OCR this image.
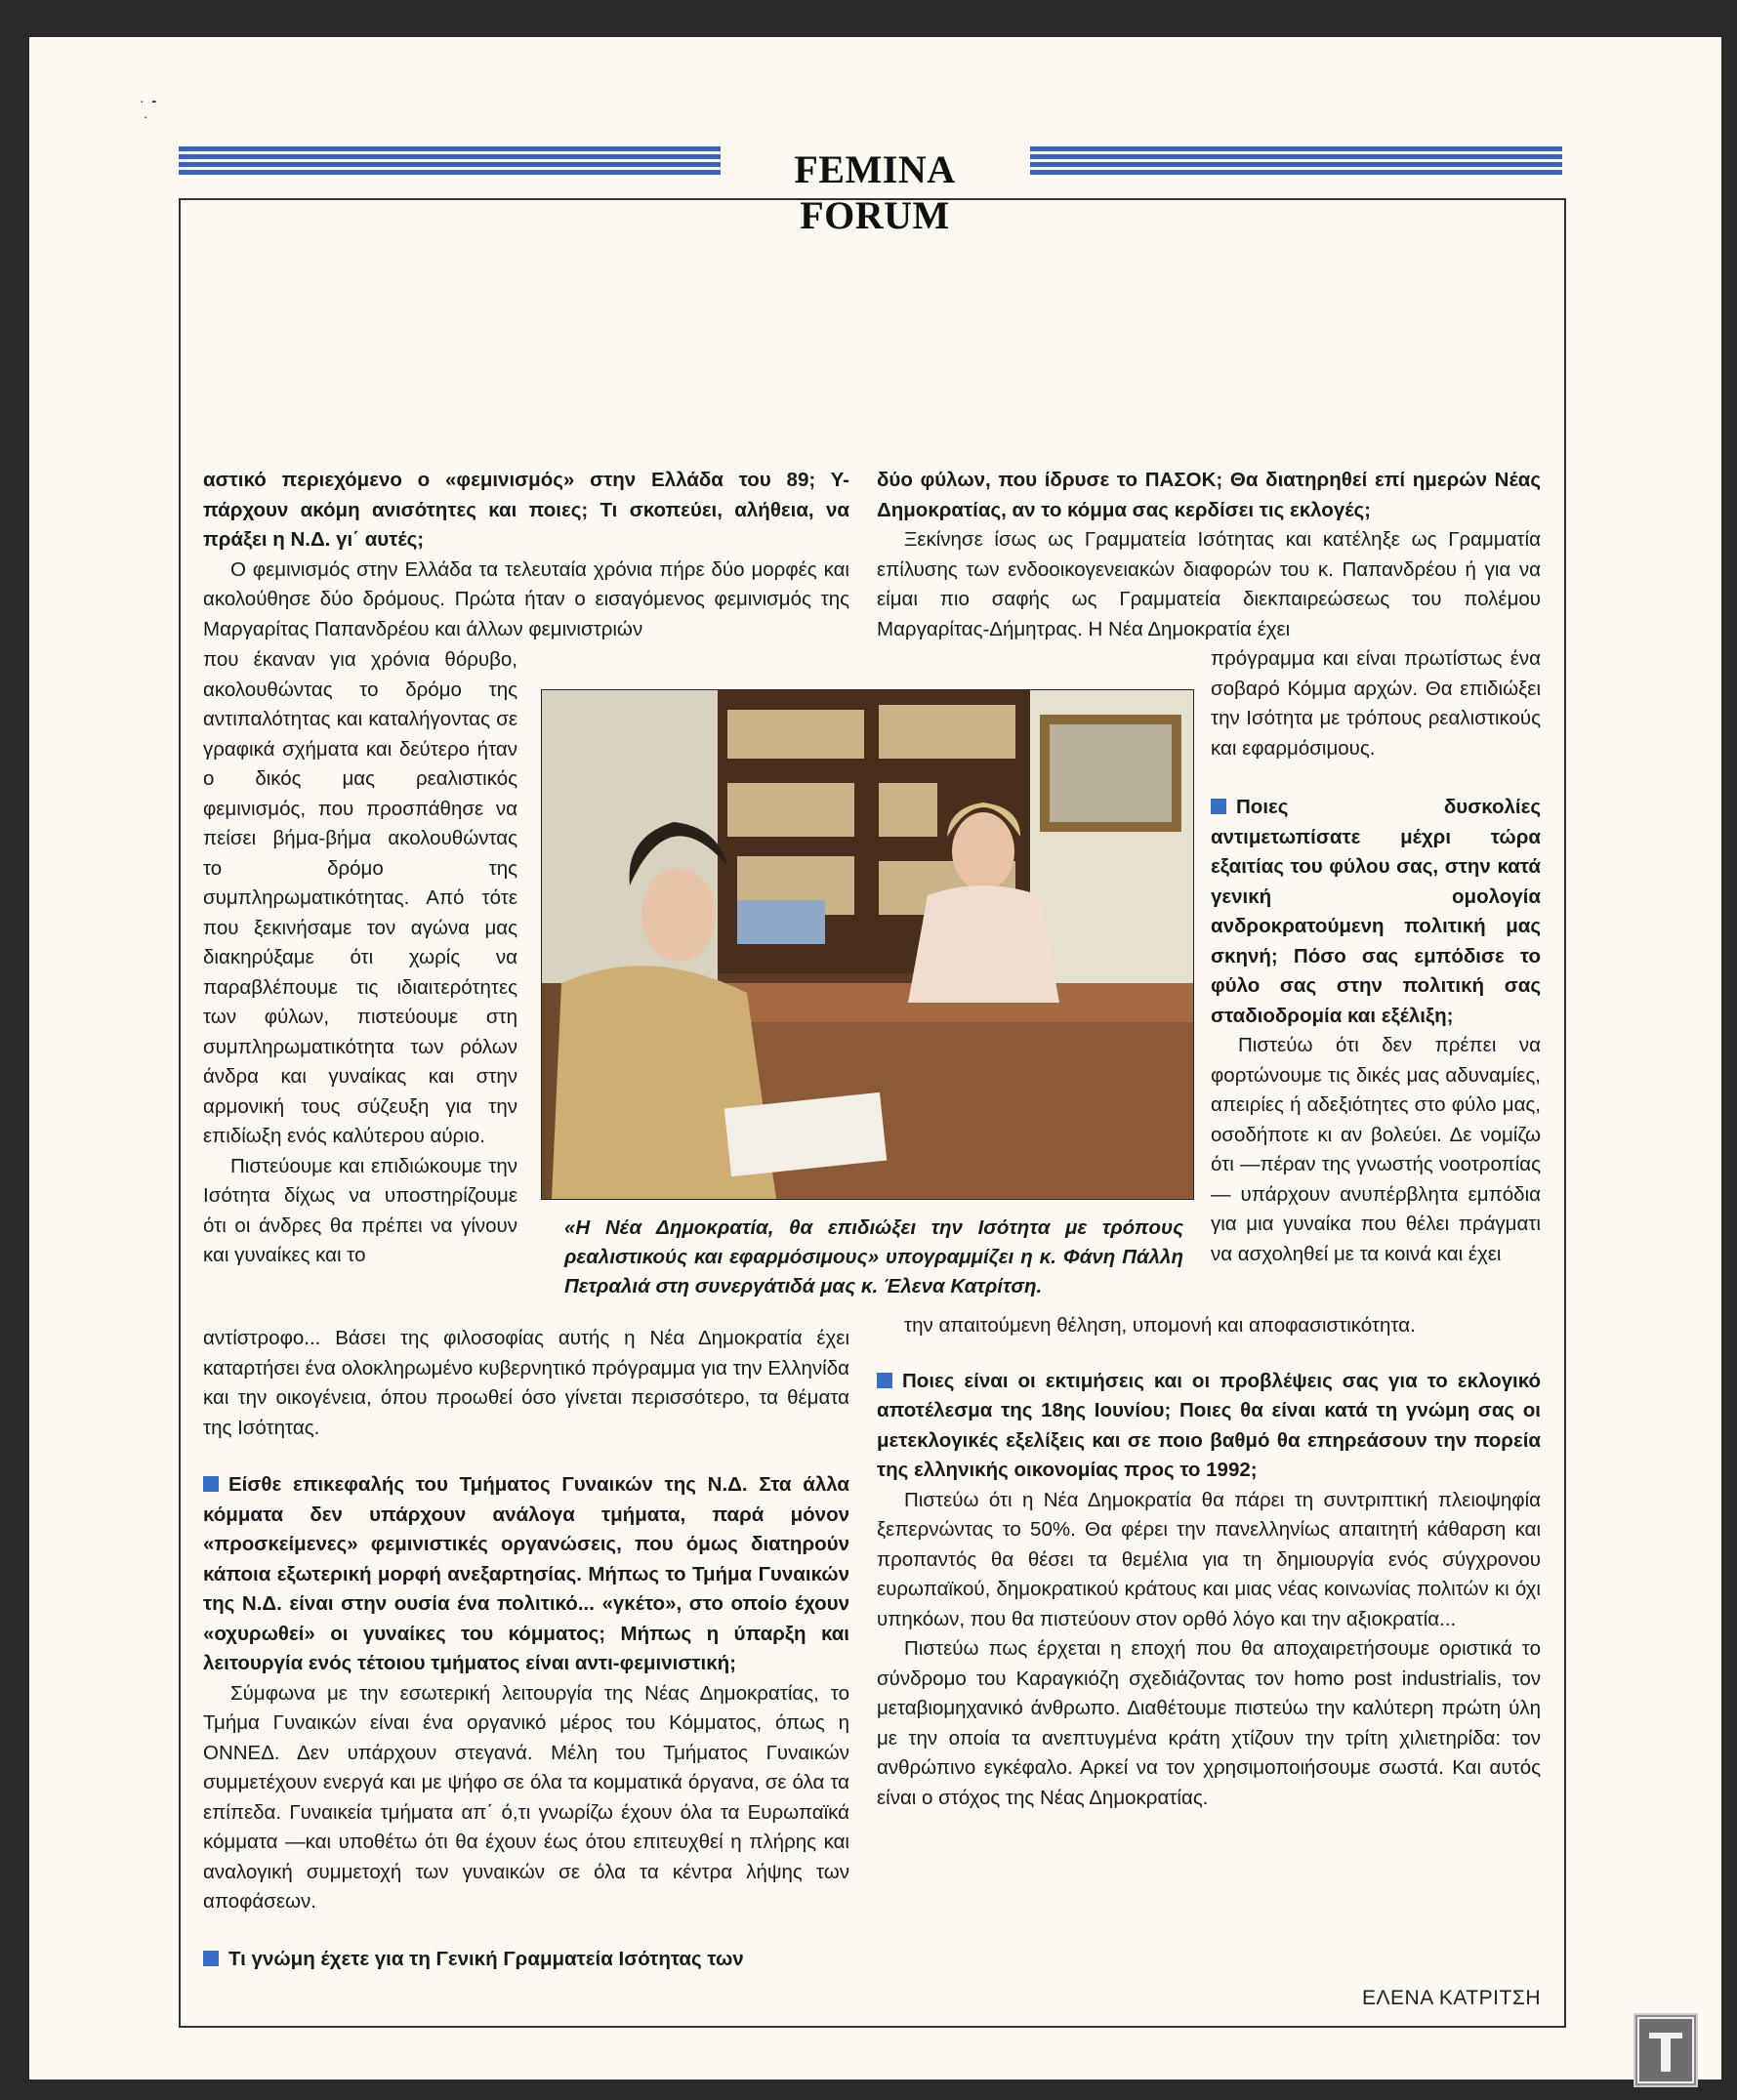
·  -
·
FEMINA FORUM

αστικό περιεχόμενο ο «φεμινισμός» στην Ελλάδα του 89; Υ-πάρχουν ακόμη ανισότητες και ποιες; Τι σκοπεύει, αλήθεια, να πράξει η Ν.Δ. γι΄ αυτές;

Ο φεμινισμός στην Ελλάδα τα τελευταία χρόνια πήρε δύο μορφές και ακολούθησε δύο δρόμους. Πρώτα ήταν ο εισαγόμενος φεμινισμός της Μαργαρίτας Παπανδρέου και άλλων φεμινιστριών

που έκαναν για χρόνια θόρυβο, ακολουθώντας το δρόμο της αντιπαλότητας και καταλήγοντας σε γραφικά σχήματα και δεύτερο ήταν ο δικός μας ρεαλιστικός φεμινισμός, που προσπάθησε να πείσει βήμα-βήμα ακολουθώντας το δρόμο της συμπληρωματικότητας. Από τότε που ξεκινήσαμε τον αγώνα μας διακηρύξαμε ότι χωρίς να παραβλέπουμε τις ιδιαιτερότητες των φύλων, πιστεύουμε στη συμπληρωματικότητα των ρόλων άνδρα και γυναίκας και στην αρμονική τους σύζευξη για την επιδίωξη ενός καλύτερου αύριο.

Πιστεύουμε και επιδιώκουμε την Ισότητα δίχως να υποστηρίζουμε ότι οι άνδρες θα πρέπει να γίνουν και γυναίκες και το

αντίστροφο... Βάσει της φιλοσοφίας αυτής η Νέα Δημοκρατία έχει καταρτήσει ένα ολοκληρωμένο κυβερνητικό πρόγραμμα για την Ελληνίδα και την οικογένεια, όπου προωθεί όσο γίνεται περισσότερο, τα θέματα της Ισότητας.

Είσθε επικεφαλής του Τμήματος Γυναικών της Ν.Δ. Στα άλλα κόμματα δεν υπάρχουν ανάλογα τμήματα, παρά μόνον «προσκείμενες» φεμινιστικές οργανώσεις, που όμως διατηρούν κάποια εξωτερική μορφή ανεξαρτησίας. Μήπως το Τμήμα Γυναικών της Ν.Δ. είναι στην ουσία ένα πολιτικό... «γκέτο», στο οποίο έχουν «οχυρωθεί» οι γυναίκες του κόμματος; Μήπως η ύπαρξη και λειτουργία ενός τέτοιου τμήματος είναι αντι-φεμινιστική;

Σύμφωνα με την εσωτερική λειτουργία της Νέας Δημοκρατίας, το Τμήμα Γυναικών είναι ένα οργανικό μέρος του Κόμματος, όπως η ΟΝΝΕΔ. Δεν υπάρχουν στεγανά. Μέλη του Τμήματος Γυναικών συμμετέχουν ενεργά και με ψήφο σε όλα τα κομματικά όργανα, σε όλα τα επίπεδα. Γυναικεία τμήματα απ΄ ό,τι γνωρίζω έχουν όλα τα Ευρωπαϊκά κόμματα —και υποθέτω ότι θα έχουν έως ότου επιτευχθεί η πλήρης και αναλογική συμμετοχή των γυναικών σε όλα τα κέντρα λήψης των αποφάσεων.

Τι γνώμη έχετε για τη Γενική Γραμματεία Ισότητας των

δύο φύλων, που ίδρυσε το ΠΑΣΟΚ; Θα διατηρηθεί επί ημερών Νέας Δημοκρατίας, αν το κόμμα σας κερδίσει τις εκλογές;

Ξεκίνησε ίσως ως Γραμματεία Ισότητας και κατέληξε ως Γραμματία επίλυσης των ενδοοικογενειακών διαφορών του κ. Παπανδρέου ή για να είμαι πιο σαφής ως Γραμματεία διεκπαιρεώσεως του πολέμου Μαργαρίτας-Δήμητρας. Η Νέα Δημοκρατία έχει

πρόγραμμα και είναι πρωτίστως ένα σοβαρό Κόμμα αρχών. Θα επιδιώξει την Ισότητα με τρόπους ρεαλιστικούς και εφαρμόσιμους.

Ποιες δυσκολίες αντιμετωπίσατε μέχρι τώρα εξαιτίας του φύλου σας, στην κατά γενική ομολογία ανδροκρατούμενη πολιτική μας σκηνή; Πόσο σας εμπόδισε το φύλο σας στην πολιτική σας σταδιοδρομία και εξέλιξη;

Πιστεύω ότι δεν πρέπει να φορτώνουμε τις δικές μας αδυναμίες, απειρίες ή αδεξιότητες στο φύλο μας, οσοδήποτε κι αν βολεύει. Δε νομίζω ότι —πέραν της γνωστής νοοτροπίας— υπάρχουν ανυπέρβλητα εμπόδια για μια γυναίκα που θέλει πράγματι να ασχοληθεί με τα κοινά και έχει

την απαιτούμενη θέληση, υπομονή και αποφασιστικότητα.

Ποιες είναι οι εκτιμήσεις και οι προβλέψεις σας για το εκλογικό αποτέλεσμα της 18ης Ιουνίου; Ποιες θα είναι κατά τη γνώμη σας οι μετεκλογικές εξελίξεις και σε ποιο βαθμό θα επηρεάσουν την πορεία της ελληνικής οικονομίας προς το 1992;

Πιστεύω ότι η Νέα Δημοκρατία θα πάρει τη συντριπτική πλειοψηφία ξεπερνώντας το 50%. Θα φέρει την πανελληνίως απαιτητή κάθαρση και προπαντός θα θέσει τα θεμέλια για τη δημιουργία ενός σύγχρονου ευρωπαϊκού, δημοκρατικού κράτους και μιας νέας κοινωνίας πολιτών κι όχι υπηκόων, που θα πιστεύουν στον ορθό λόγο και την αξιοκρατία...

Πιστεύω πως έρχεται η εποχή που θα αποχαιρετήσουμε οριστικά το σύνδρομο του Καραγκιόζη σχεδιάζοντας τον homo post industrialis, τον μεταβιομηχανικό άνθρωπο. Διαθέτουμε πιστεύω την καλύτερη πρώτη ύλη με την οποία τα ανεπτυγμένα κράτη χτίζουν την τρίτη χιλιετηρίδα: τον ανθρώπινο εγκέφαλο. Αρκεί να τον χρησιμοποιήσουμε σωστά. Και αυτός είναι ο στόχος της Νέας Δημοκρατίας.

«Η Νέα Δημοκρατία, θα επιδιώξει την Ισότητα με τρόπους ρεαλιστικούς και εφαρμόσιμους» υπογραμμίζει η κ. Φάνη Πάλλη Πετραλιά στη συνεργάτιδά μας κ. Έλενα Κατρίτση.
ΕΛΕΝΑ ΚΑΤΡΙΤΣΗ
